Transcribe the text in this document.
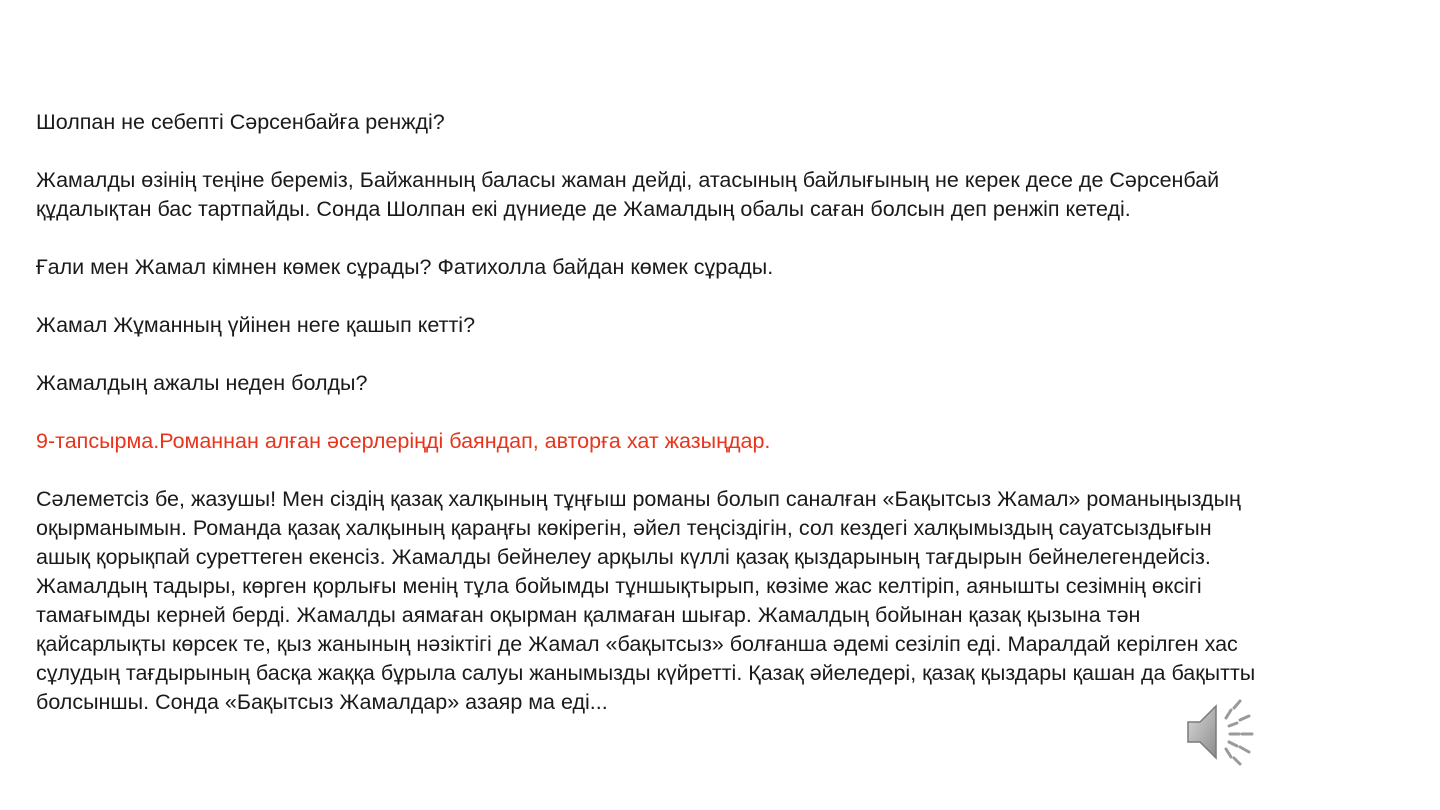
Шолпан не себепті Сәрсенбайға ренжді?

Жамалды өзінің теңіне береміз, Байжанның баласы жаман дейді, атасының байлығының не керек десе де Сәрсенбай

құдалықтан бас тартпайды. Сонда Шолпан екі дүниеде де Жамалдың обалы саған болсын деп ренжіп кетеді.

Ғали мен Жамал кімнен көмек сұрады? Фатихолла байдан көмек сұрады.

Жамал Жұманның үйінен неге қашып кетті?

Жамалдың ажалы неден болды?

9-тапсырма.Романнан алған әсерлеріңді баяндап, авторға хат жазыңдар.

Сәлеметсіз бе, жазушы! Мен сіздің қазақ халқының тұңғыш романы болып саналған «Бақытсыз Жамал» романыңыздың

оқырманымын. Романда қазақ халқының қараңғы көкірегін, әйел теңсіздігін, сол кездегі халқымыздың сауатсыздығын

ашық қорықпай суреттеген екенсіз. Жамалды бейнелеу арқылы күллі қазақ қыздарының тағдырын бейнелегендейсіз.

Жамалдың тадыры, көрген қорлығы менің тұла бойымды тұншықтырып, көзіме жас келтіріп, аянышты сезімнің өксігі

тамағымды керней берді. Жамалды аямаған оқырман қалмаған шығар. Жамалдың бойынан қазақ қызына тән

қайсарлықты көрсек те, қыз жанының нәзіктігі де Жамал «бақытсыз» болғанша әдемі сезіліп еді. Маралдай керілген хас

сұлудың тағдырының басқа жаққа бұрыла салуы жанымызды күйретті. Қазақ әйеледері, қазақ қыздары қашан да бақытты

болсыншы. Сонда «Бақытсыз Жамалдар» азаяр ма еді...
